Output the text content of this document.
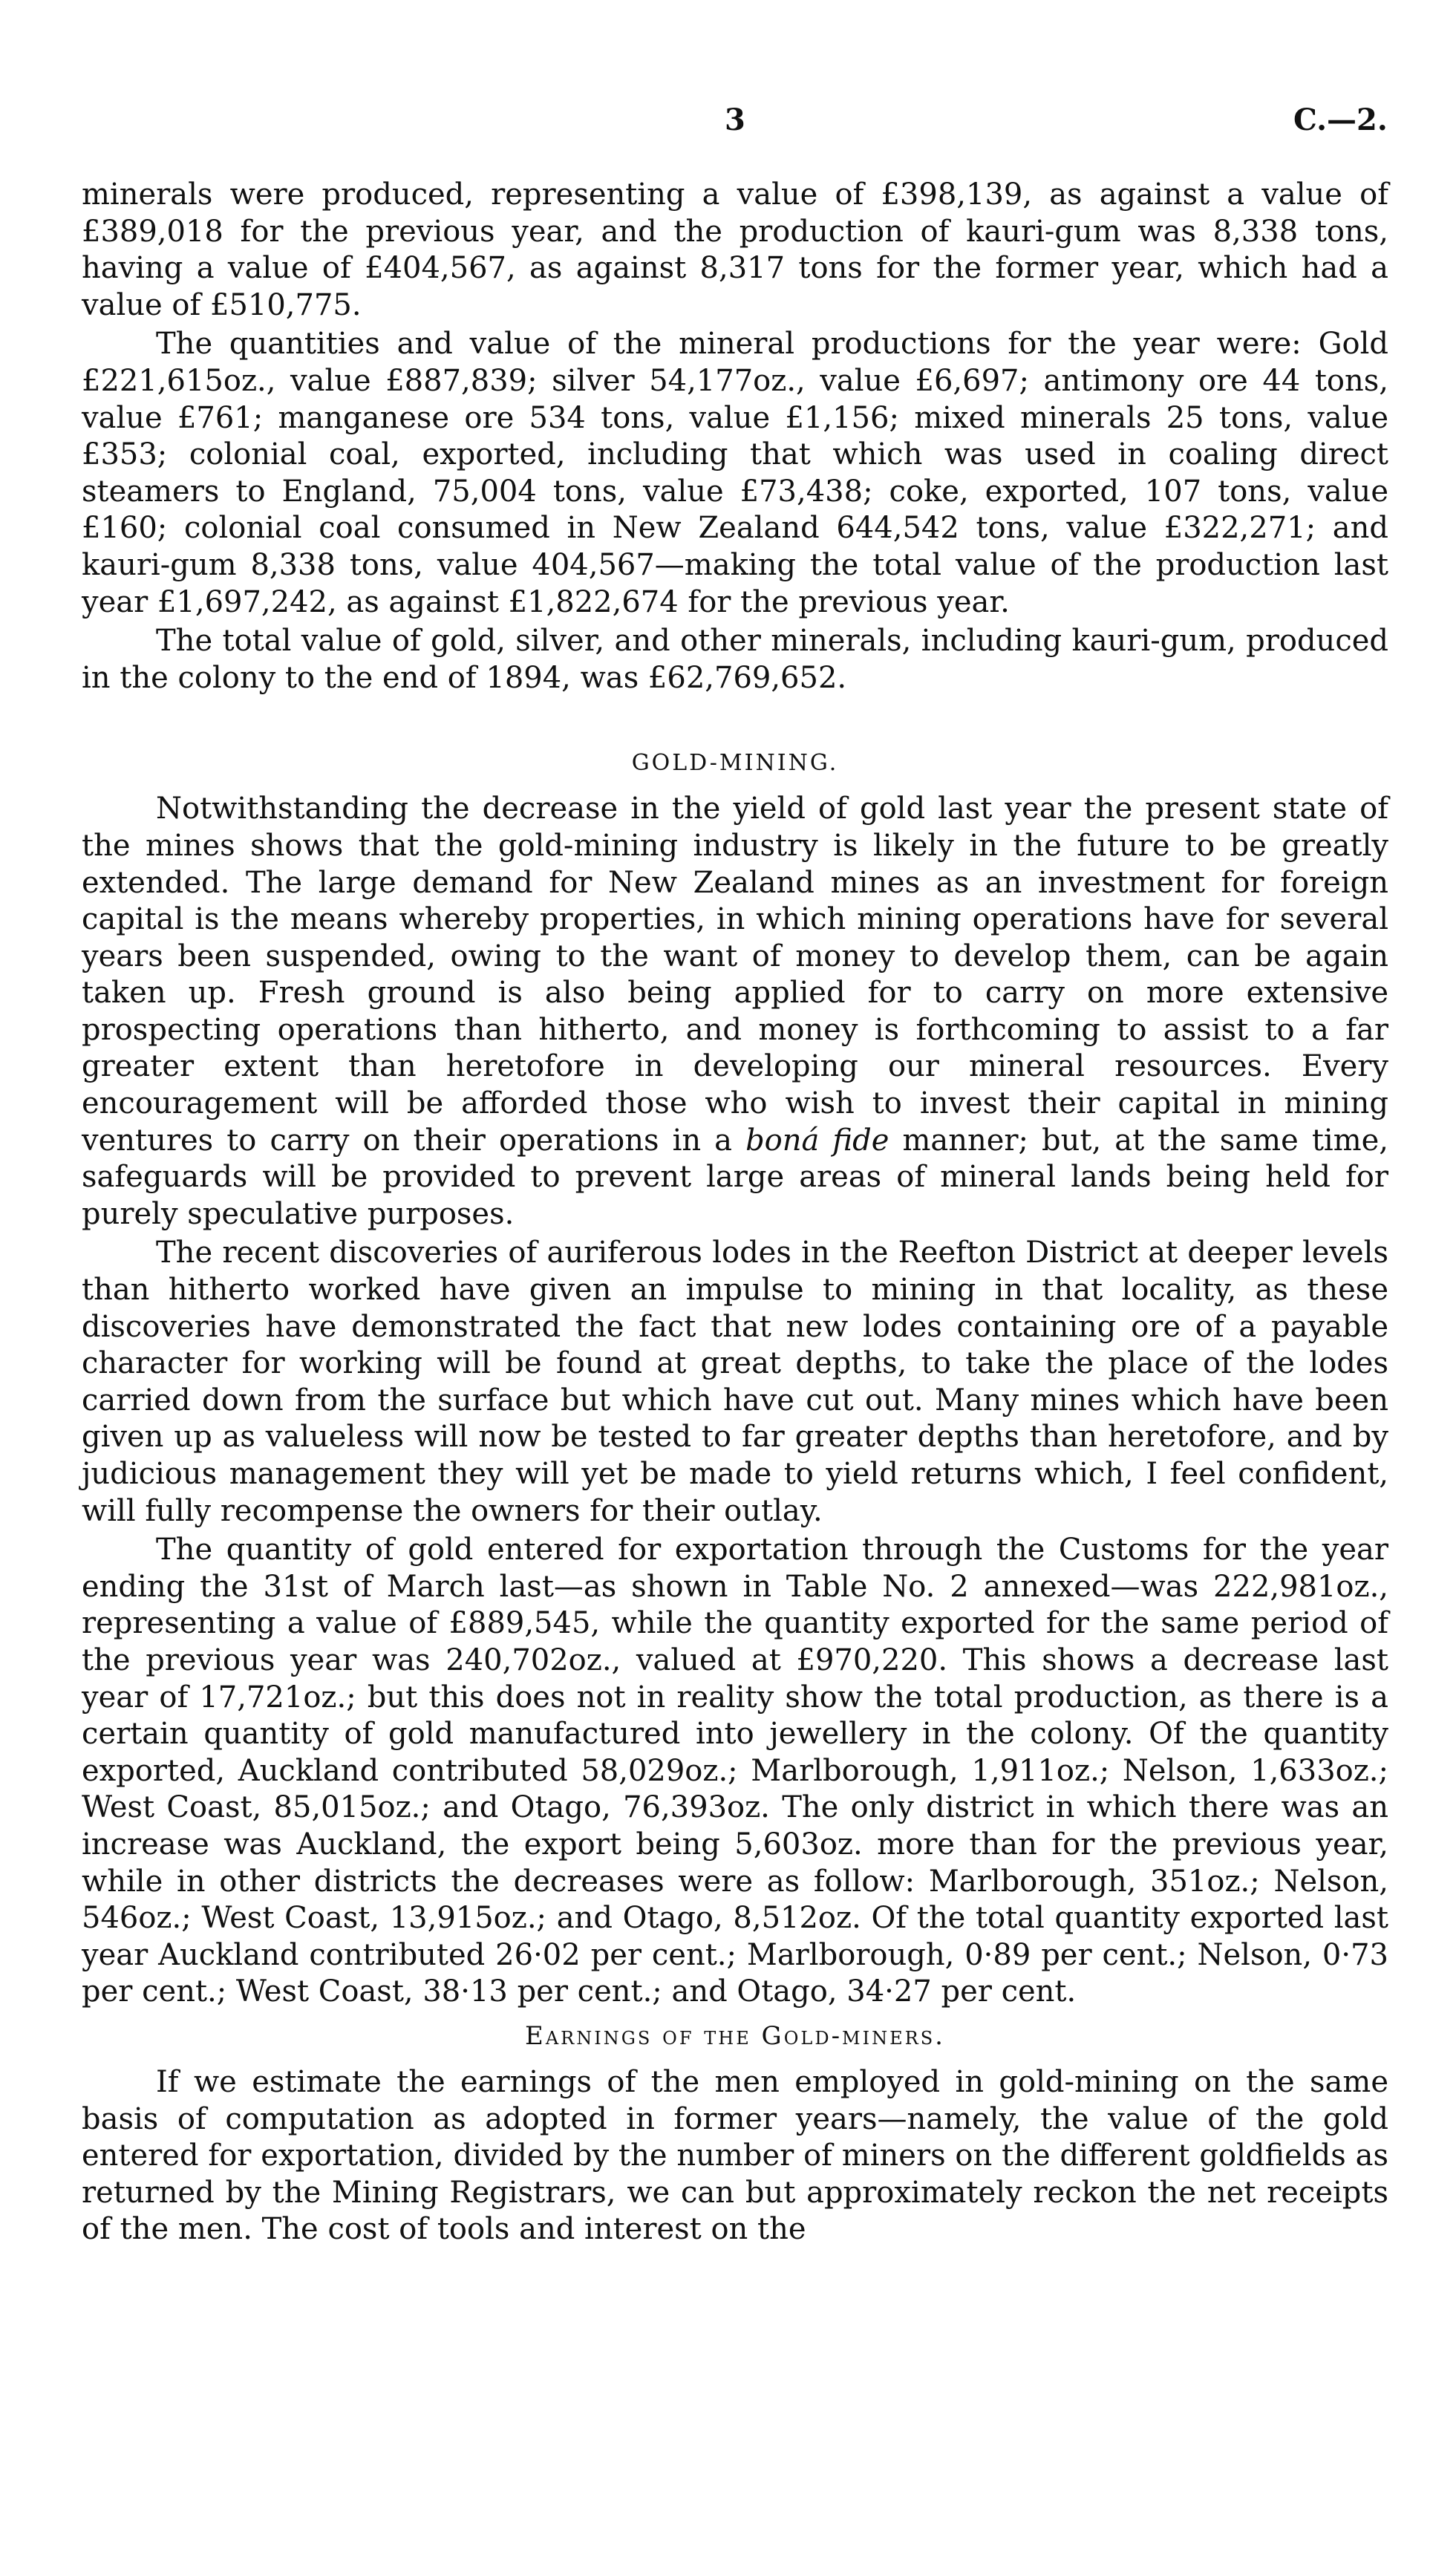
3	C.—2.

minerals were produced, representing a value of £398,139, as against a value of £389,018 for the previous year, and the production of kauri-gum was 8,338 tons, having a value of £404,567, as against 8,317 tons for the former year, which had a value of £510,775.

The quantities and value of the mineral productions for the year were: Gold £221,615oz., value £887,839; silver 54,177oz., value £6,697; antimony ore 44 tons, value £761; manganese ore 534 tons, value £1,156; mixed minerals 25 tons, value £353; colonial coal, exported, including that which was used in coaling direct steamers to England, 75,004 tons, value £73,438; coke, exported, 107 tons, value £160; colonial coal consumed in New Zealand 644,542 tons, value £322,271; and kauri-gum 8,338 tons, value 404,567—making the total value of the production last year £1,697,242, as against £1,822,674 for the previous year.

The total value of gold, silver, and other minerals, including kauri-gum, produced in the colony to the end of 1894, was £62,769,652.

GOLD-MINING.

Notwithstanding the decrease in the yield of gold last year the present state of the mines shows that the gold-mining industry is likely in the future to be greatly extended. The large demand for New Zealand mines as an investment for foreign capital is the means whereby properties, in which mining operations have for several years been suspended, owing to the want of money to develop them, can be again taken up. Fresh ground is also being applied for to carry on more extensive prospecting operations than hitherto, and money is forthcoming to assist to a far greater extent than heretofore in developing our mineral resources. Every encouragement will be afforded those who wish to invest their capital in mining ventures to carry on their operations in a boná fide manner; but, at the same time, safeguards will be provided to prevent large areas of mineral lands being held for purely speculative purposes.

The recent discoveries of auriferous lodes in the Reefton District at deeper levels than hitherto worked have given an impulse to mining in that locality, as these discoveries have demonstrated the fact that new lodes containing ore of a payable character for working will be found at great depths, to take the place of the lodes carried down from the surface but which have cut out. Many mines which have been given up as valueless will now be tested to far greater depths than heretofore, and by judicious management they will yet be made to yield returns which, I feel confident, will fully recompense the owners for their outlay.

The quantity of gold entered for exportation through the Customs for the year ending the 31st of March last—as shown in Table No. 2 annexed—was 222,981oz., representing a value of £889,545, while the quantity exported for the same period of the previous year was 240,702oz., valued at £970,220. This shows a decrease last year of 17,721oz.; but this does not in reality show the total production, as there is a certain quantity of gold manufactured into jewellery in the colony. Of the quantity exported, Auckland contributed 58,029oz.; Marlborough, 1,911oz.; Nelson, 1,633oz.; West Coast, 85,015oz.; and Otago, 76,393oz. The only district in which there was an increase was Auckland, the export being 5,603oz. more than for the previous year, while in other districts the decreases were as follow: Marlborough, 351oz.; Nelson, 546oz.; West Coast, 13,915oz.; and Otago, 8,512oz. Of the total quantity exported last year Auckland contributed 26·02 per cent.; Marlborough, 0·89 per cent.; Nelson, 0·73 per cent.; West Coast, 38·13 per cent.; and Otago, 34·27 per cent.

Earnings of the Gold-miners.

If we estimate the earnings of the men employed in gold-mining on the same basis of computation as adopted in former years—namely, the value of the gold entered for exportation, divided by the number of miners on the different goldfields as returned by the Mining Registrars, we can but approximately reckon the net receipts of the men. The cost of tools and interest on the
